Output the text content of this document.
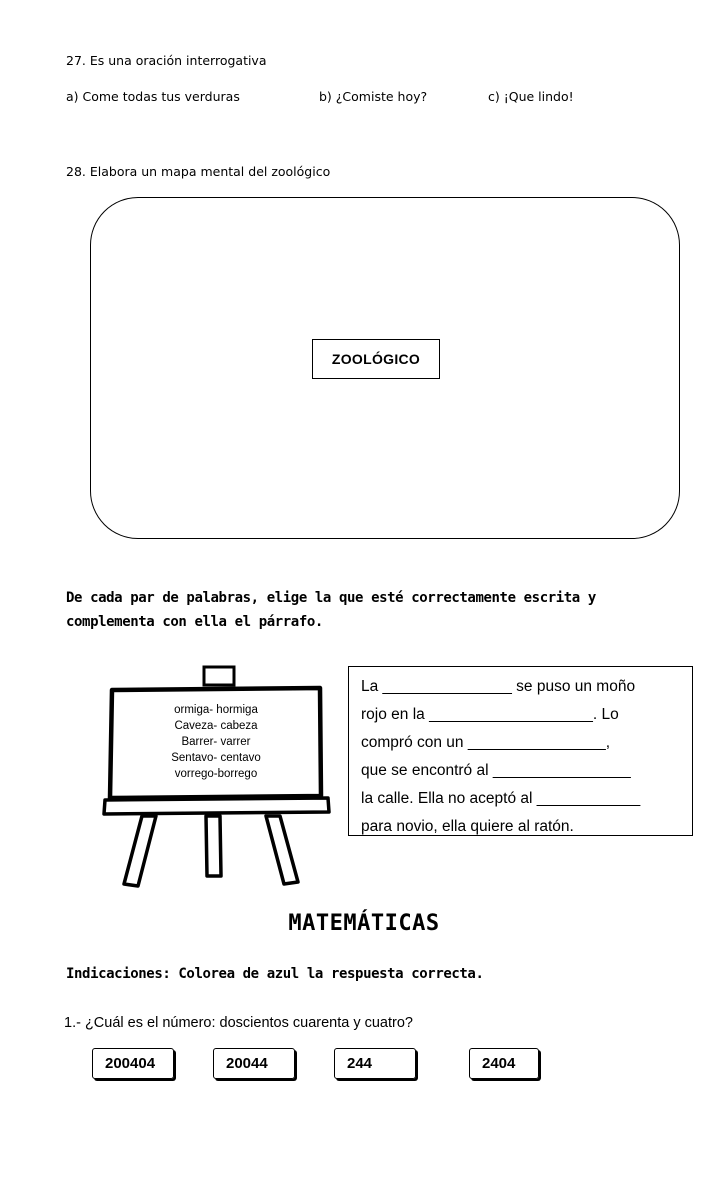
27. Es una oración interrogativa
a) Come todas tus verduras	b) ¿Comiste hoy?	c) ¡Que lindo!
28. Elabora un mapa mental del zoológico
ZOOLÓGICO
De cada par de palabras, elige la que esté correctamente escrita y
complementa con ella el párrafo.
ormiga- hormiga
Caveza- cabeza
Barrer- varrer
Sentavo- centavo
vorrego-borrego
La _______________ se puso un moño
rojo en la ___________________. Lo
compró con un ________________,
que se encontró al ________________
la calle. Ella no aceptó al ____________
para novio, ella quiere al ratón.
MATEMÁTICAS
Indicaciones: Colorea de azul la respuesta correcta.
1.- ¿Cuál es el número: doscientos cuarenta y cuatro?
200404	20044	244	2404
